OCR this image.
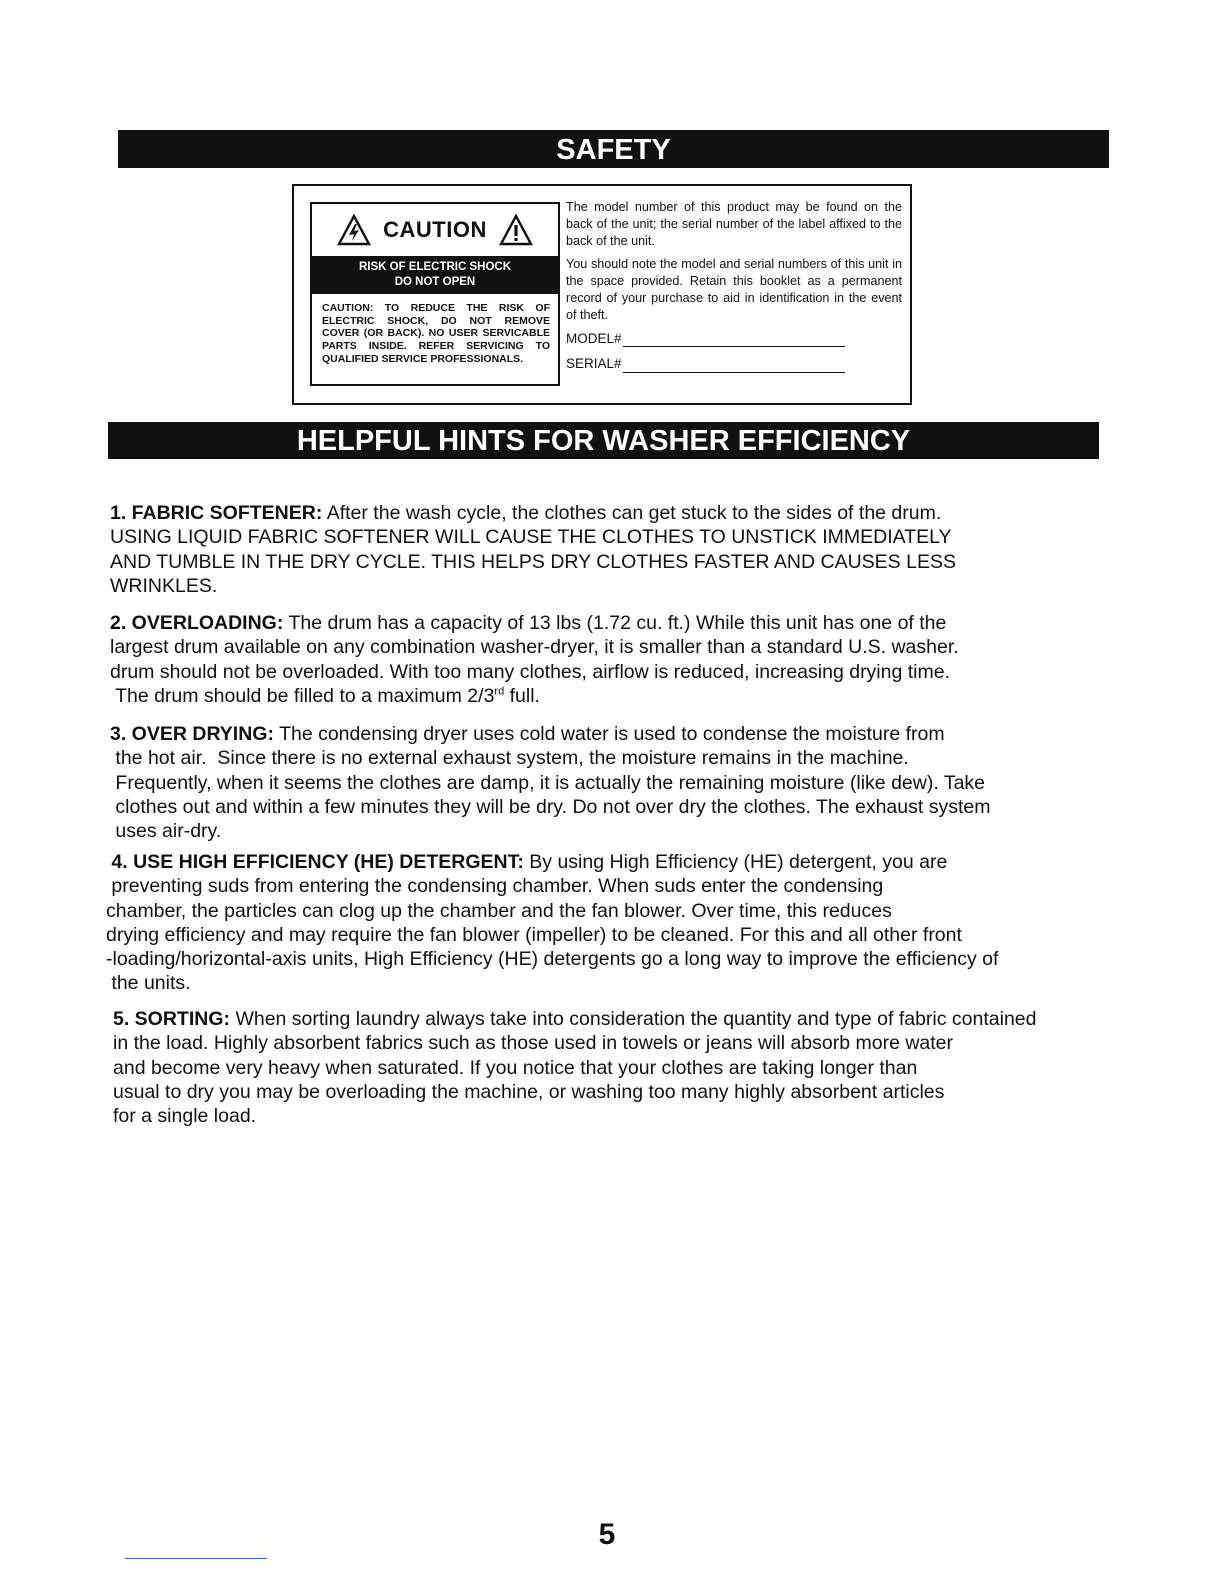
SAFETY
CAUTION
RISK OF ELECTRIC SHOCK
DO NOT OPEN
CAUTION: TO REDUCE THE RISK OF ELECTRIC SHOCK, DO NOT REMOVE COVER (OR BACK). NO USER SERVICABLE PARTS INSIDE. REFER SERVICING TO QUALIFIED SERVICE PROFESSIONALS.

The model number of this product may be found on the back of the unit; the serial number of the label affixed to the back of the unit.

You should note the model and serial numbers of this unit in the space provided. Retain this booklet as a permanent record of your purchase to aid in identification in the event of theft.

MODEL#
SERIAL#
HELPFUL HINTS FOR WASHER EFFICIENCY
1. FABRIC SOFTENER: After the wash cycle, the clothes can get stuck to the sides of the drum.
USING LIQUID FABRIC SOFTENER WILL CAUSE THE CLOTHES TO UNSTICK IMMEDIATELY
AND TUMBLE IN THE DRY CYCLE. THIS HELPS DRY CLOTHES FASTER AND CAUSES LESS
WRINKLES.
2. OVERLOADING: The drum has a capacity of 13 lbs (1.72 cu. ft.) While this unit has one of the
largest drum available on any combination washer-dryer, it is smaller than a standard U.S. washer.
drum should not be overloaded. With too many clothes, airflow is reduced, increasing drying time.
The drum should be filled to a maximum 2/3rd full.
3. OVER DRYING: The condensing dryer uses cold water is used to condense the moisture from
the hot air.  Since there is no external exhaust system, the moisture remains in the machine.
Frequently, when it seems the clothes are damp, it is actually the remaining moisture (like dew). Take
clothes out and within a few minutes they will be dry. Do not over dry the clothes. The exhaust system
uses air-dry.
4. USE HIGH EFFICIENCY (HE) DETERGENT: By using High Efficiency (HE) detergent, you are
preventing suds from entering the condensing chamber. When suds enter the condensing
chamber, the particles can clog up the chamber and the fan blower. Over time, this reduces
drying efficiency and may require the fan blower (impeller) to be cleaned. For this and all other front
-loading/horizontal-axis units, High Efficiency (HE) detergents go a long way to improve the efficiency of
the units.
5. SORTING: When sorting laundry always take into consideration the quantity and type of fabric contained
in the load. Highly absorbent fabrics such as those used in towels or jeans will absorb more water
and become very heavy when saturated. If you notice that your clothes are taking longer than
usual to dry you may be overloading the machine, or washing too many highly absorbent articles
for a single load.
5
